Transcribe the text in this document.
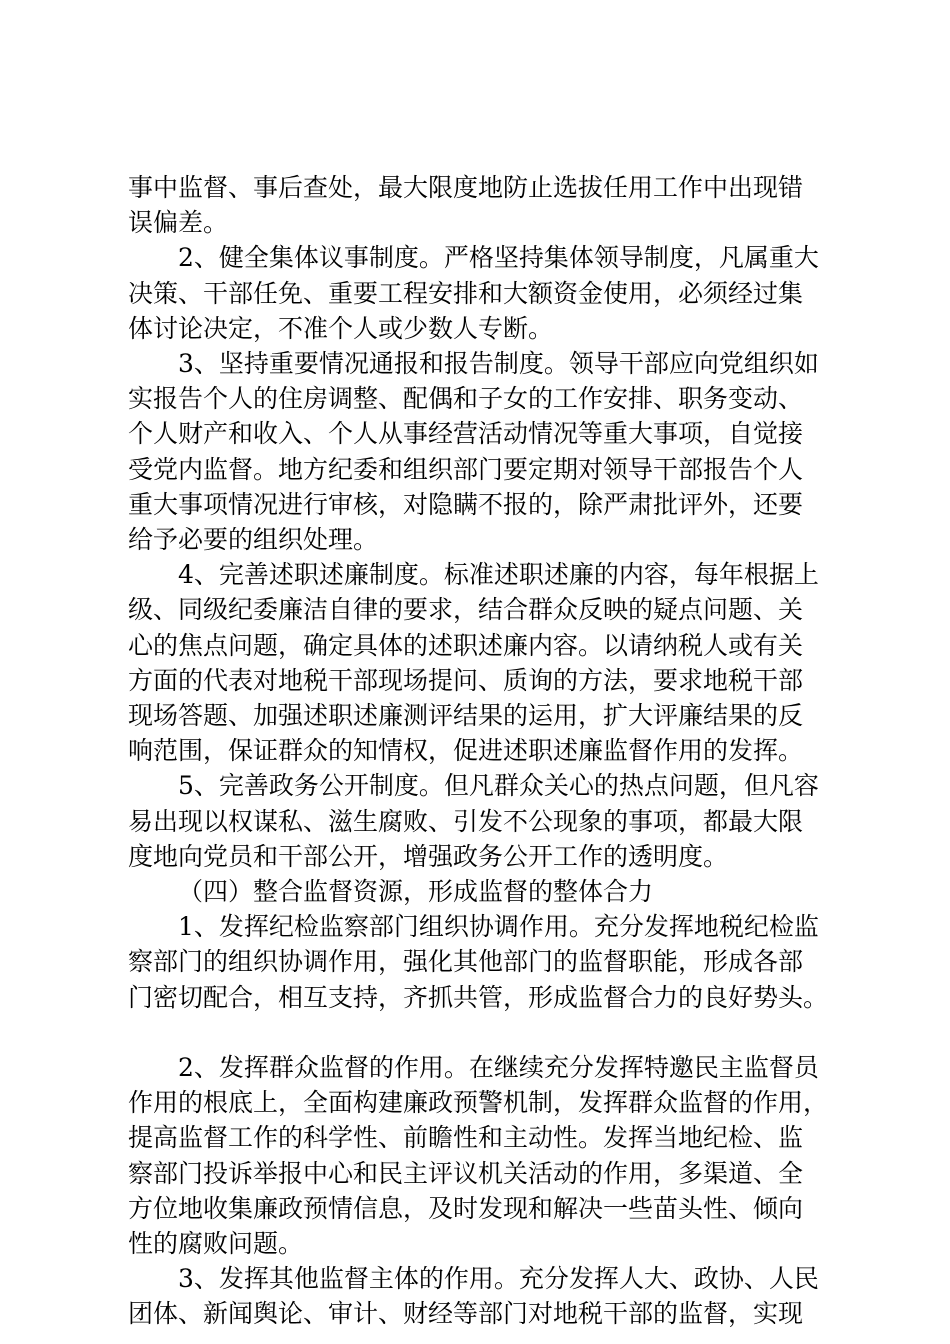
事中监督、事后查处，最大限度地防止选拔任用工作中出现错
误偏差。
2、健全集体议事制度。严格坚持集体领导制度，凡属重大
决策、干部任免、重要工程安排和大额资金使用，必须经过集
体讨论决定，不准个人或少数人专断。
3、坚持重要情况通报和报告制度。领导干部应向党组织如
实报告个人的住房调整、配偶和子女的工作安排、职务变动、
个人财产和收入、个人从事经营活动情况等重大事项，自觉接
受党内监督。地方纪委和组织部门要定期对领导干部报告个人
重大事项情况进行审核，对隐瞒不报的，除严肃批评外，还要
给予必要的组织处理。
4、完善述职述廉制度。标准述职述廉的内容，每年根据上
级、同级纪委廉洁自律的要求，结合群众反映的疑点问题、关
心的焦点问题，确定具体的述职述廉内容。以请纳税人或有关
方面的代表对地税干部现场提问、质询的方法，要求地税干部
现场答题、加强述职述廉测评结果的运用，扩大评廉结果的反
响范围，保证群众的知情权，促进述职述廉监督作用的发挥。
5、完善政务公开制度。但凡群众关心的热点问题，但凡容
易出现以权谋私、滋生腐败、引发不公现象的事项，都最大限
度地向党员和干部公开，增强政务公开工作的透明度。
（四）整合监督资源，形成监督的整体合力
1、发挥纪检监察部门组织协调作用。充分发挥地税纪检监
察部门的组织协调作用，强化其他部门的监督职能，形成各部
门密切配合，相互支持，齐抓共管，形成监督合力的良好势头。
2、发挥群众监督的作用。在继续充分发挥特邀民主监督员
作用的根底上，全面构建廉政预警机制，发挥群众监督的作用，
提高监督工作的科学性、前瞻性和主动性。发挥当地纪检、监
察部门投诉举报中心和民主评议机关活动的作用，多渠道、全
方位地收集廉政预情信息，及时发现和解决一些苗头性、倾向
性的腐败问题。
3、发挥其他监督主体的作用。充分发挥人大、政协、人民
团体、新闻舆论、审计、财经等部门对地税干部的监督，实现
